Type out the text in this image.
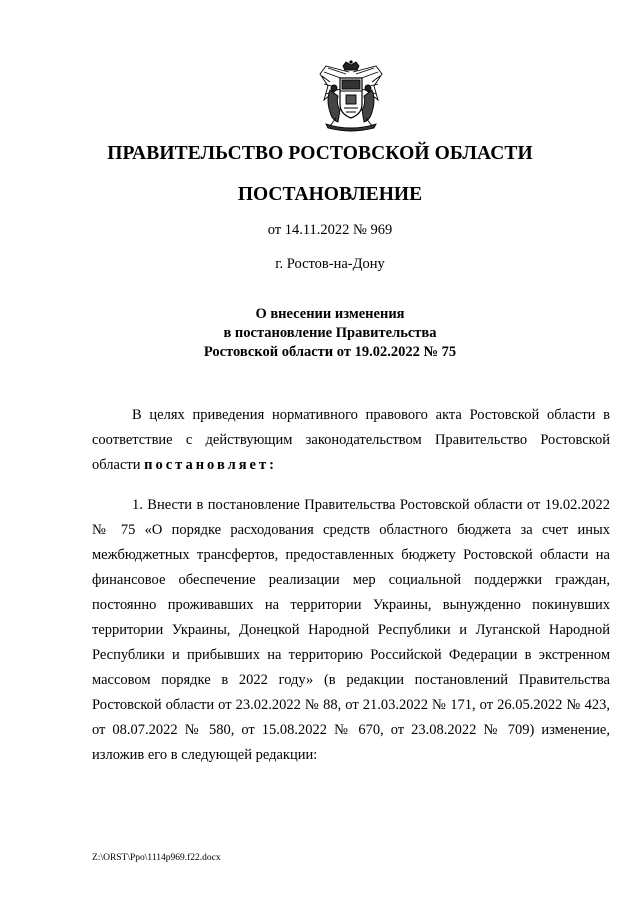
ПРАВИТЕЛЬСТВО РОСТОВСКОЙ ОБЛАСТИ
ПОСТАНОВЛЕНИЕ
от 14.11.2022 № 969
г. Ростов-на-Дону
О внесении изменения
в постановление Правительства
Ростовской области от 19.02.2022 № 75

В целях приведения нормативного правового акта Ростовской области в соответствие с действующим законодательством Правительство Ростовской области постановляет:

1. Внести в постановление Правительства Ростовской области от 19.02.2022 № 75 «О порядке расходования средств областного бюджета за счет иных межбюджетных трансфертов, предоставленных бюджету Ростовской области на финансовое обеспечение реализации мер социальной поддержки граждан, постоянно проживавших на территории Украины, вынужденно покинувших территории Украины, Донецкой Народной Республики и Луганской Народной Республики и прибывших на территорию Российской Федерации в экстренном массовом порядке в 2022 году» (в редакции постановлений Правительства Ростовской области от 23.02.2022 № 88, от 21.03.2022 № 171, от 26.05.2022 № 423, от 08.07.2022 № 580, от 15.08.2022 № 670, от 23.08.2022 № 709) изменение, изложив его в следующей редакции:

Z:\ORST\Ppo\1114p969.f22.docx
